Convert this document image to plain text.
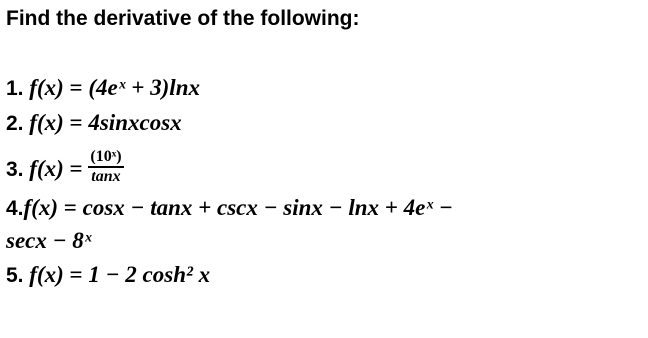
Find the derivative of the following:
1. f(x) = (4eˣ + 3)lnx
2. f(x) = 4sinxcosx
3. $f(x) = \frac{\text{(10ˣ)}}{\tan x}$
4.f(x) = cosx − tanx + cscx − sinx − lnx + 4eˣ −
secx − 8ˣ
5. f(x) = 1 − 2 cosh² x
